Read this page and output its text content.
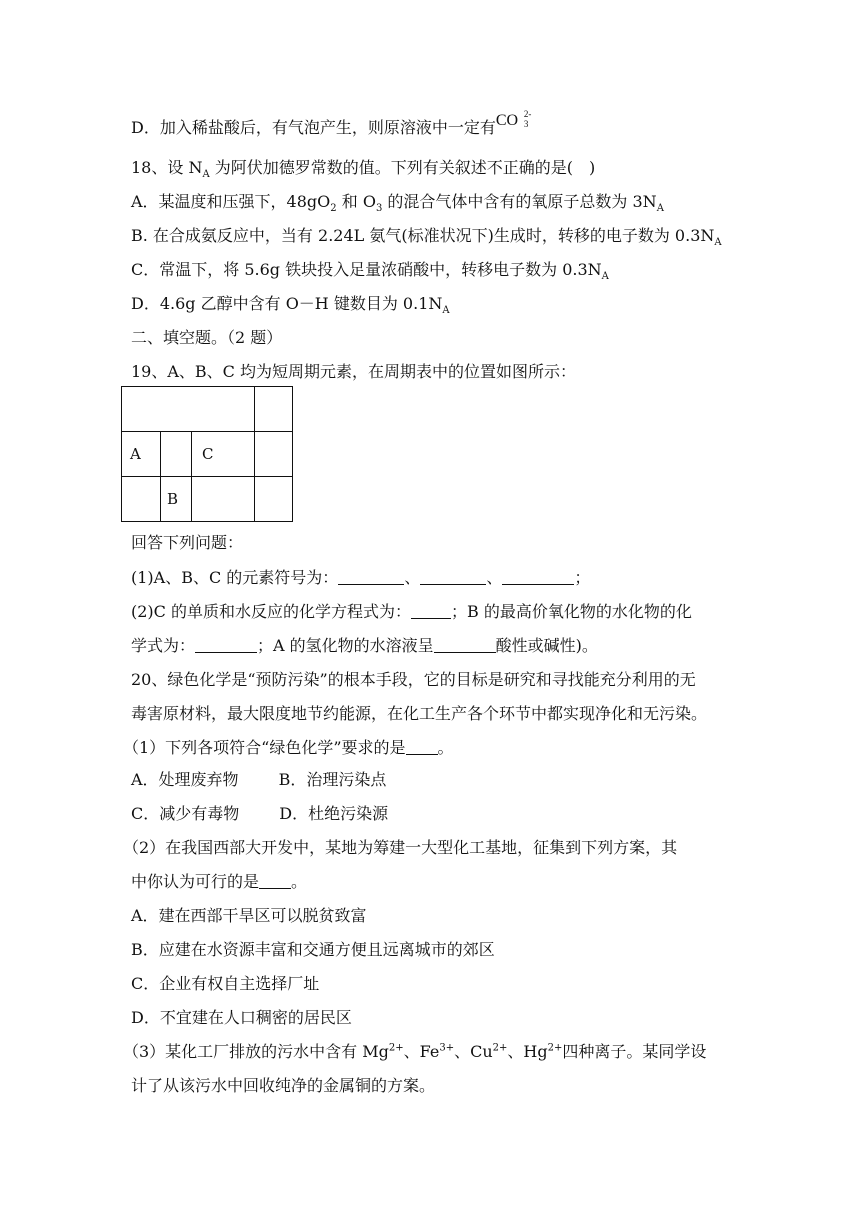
D．加入稀盐酸后，有气泡产生，则原溶液中一定有CO 2-
3
18、设 $N_A$ 为阿伏加德罗常数的值。下列有关叙述不正确的是(　)
A．某温度和压强下，$48gO_2$ 和 $O_3$ 的混合气体中含有的氧原子总数为 $3N_A$
B. 在合成氨反应中，当有 2.24L 氨气(标准状况下)生成时，转移的电子数为 $0.3N_A$
C．常温下，将 5.6g 铁块投入足量浓硝酸中，转移电子数为 $0.3N_A$
D．4.6g 乙醇中含有 O－H 键数目为 $0.1N_A$
二、填空题。（2 题）
19、A、B、C 均为短周期元素，在周期表中的位置如图所示：

A		C	
	B		
回答下列问题：
(1)A、B、C 的元素符号为：	、	、	；
(2)C 的单质和水反应的化学方程式为：	；B 的最高价氧化物的水化物的化
学式为：	；A 的氢化物的水溶液呈	酸性或碱性)。
20、绿色化学是“预防污染”的根本手段，它的目标是研究和寻找能充分利用的无
毒害原材料，最大限度地节约能源，在化工生产各个环节中都实现净化和无污染。
（1）下列各项符合“绿色化学”要求的是 。
A．处理废弃物	B．治理污染点
C．减少有毒物	D．杜绝污染源
（2）在我国西部大开发中，某地为筹建一大型化工基地，征集到下列方案，其
中你认为可行的是 。
A．建在西部干旱区可以脱贫致富
B．应建在水资源丰富和交通方便且远离城市的郊区
C．企业有权自主选择厂址
D．不宜建在人口稠密的居民区
（3）某化工厂排放的污水中含有 $Mg^{2+}$、$Fe^{3+}$、$Cu^{2+}$、$Hg^{2+}$四种离子。某同学设
计了从该污水中回收纯净的金属铜的方案。
